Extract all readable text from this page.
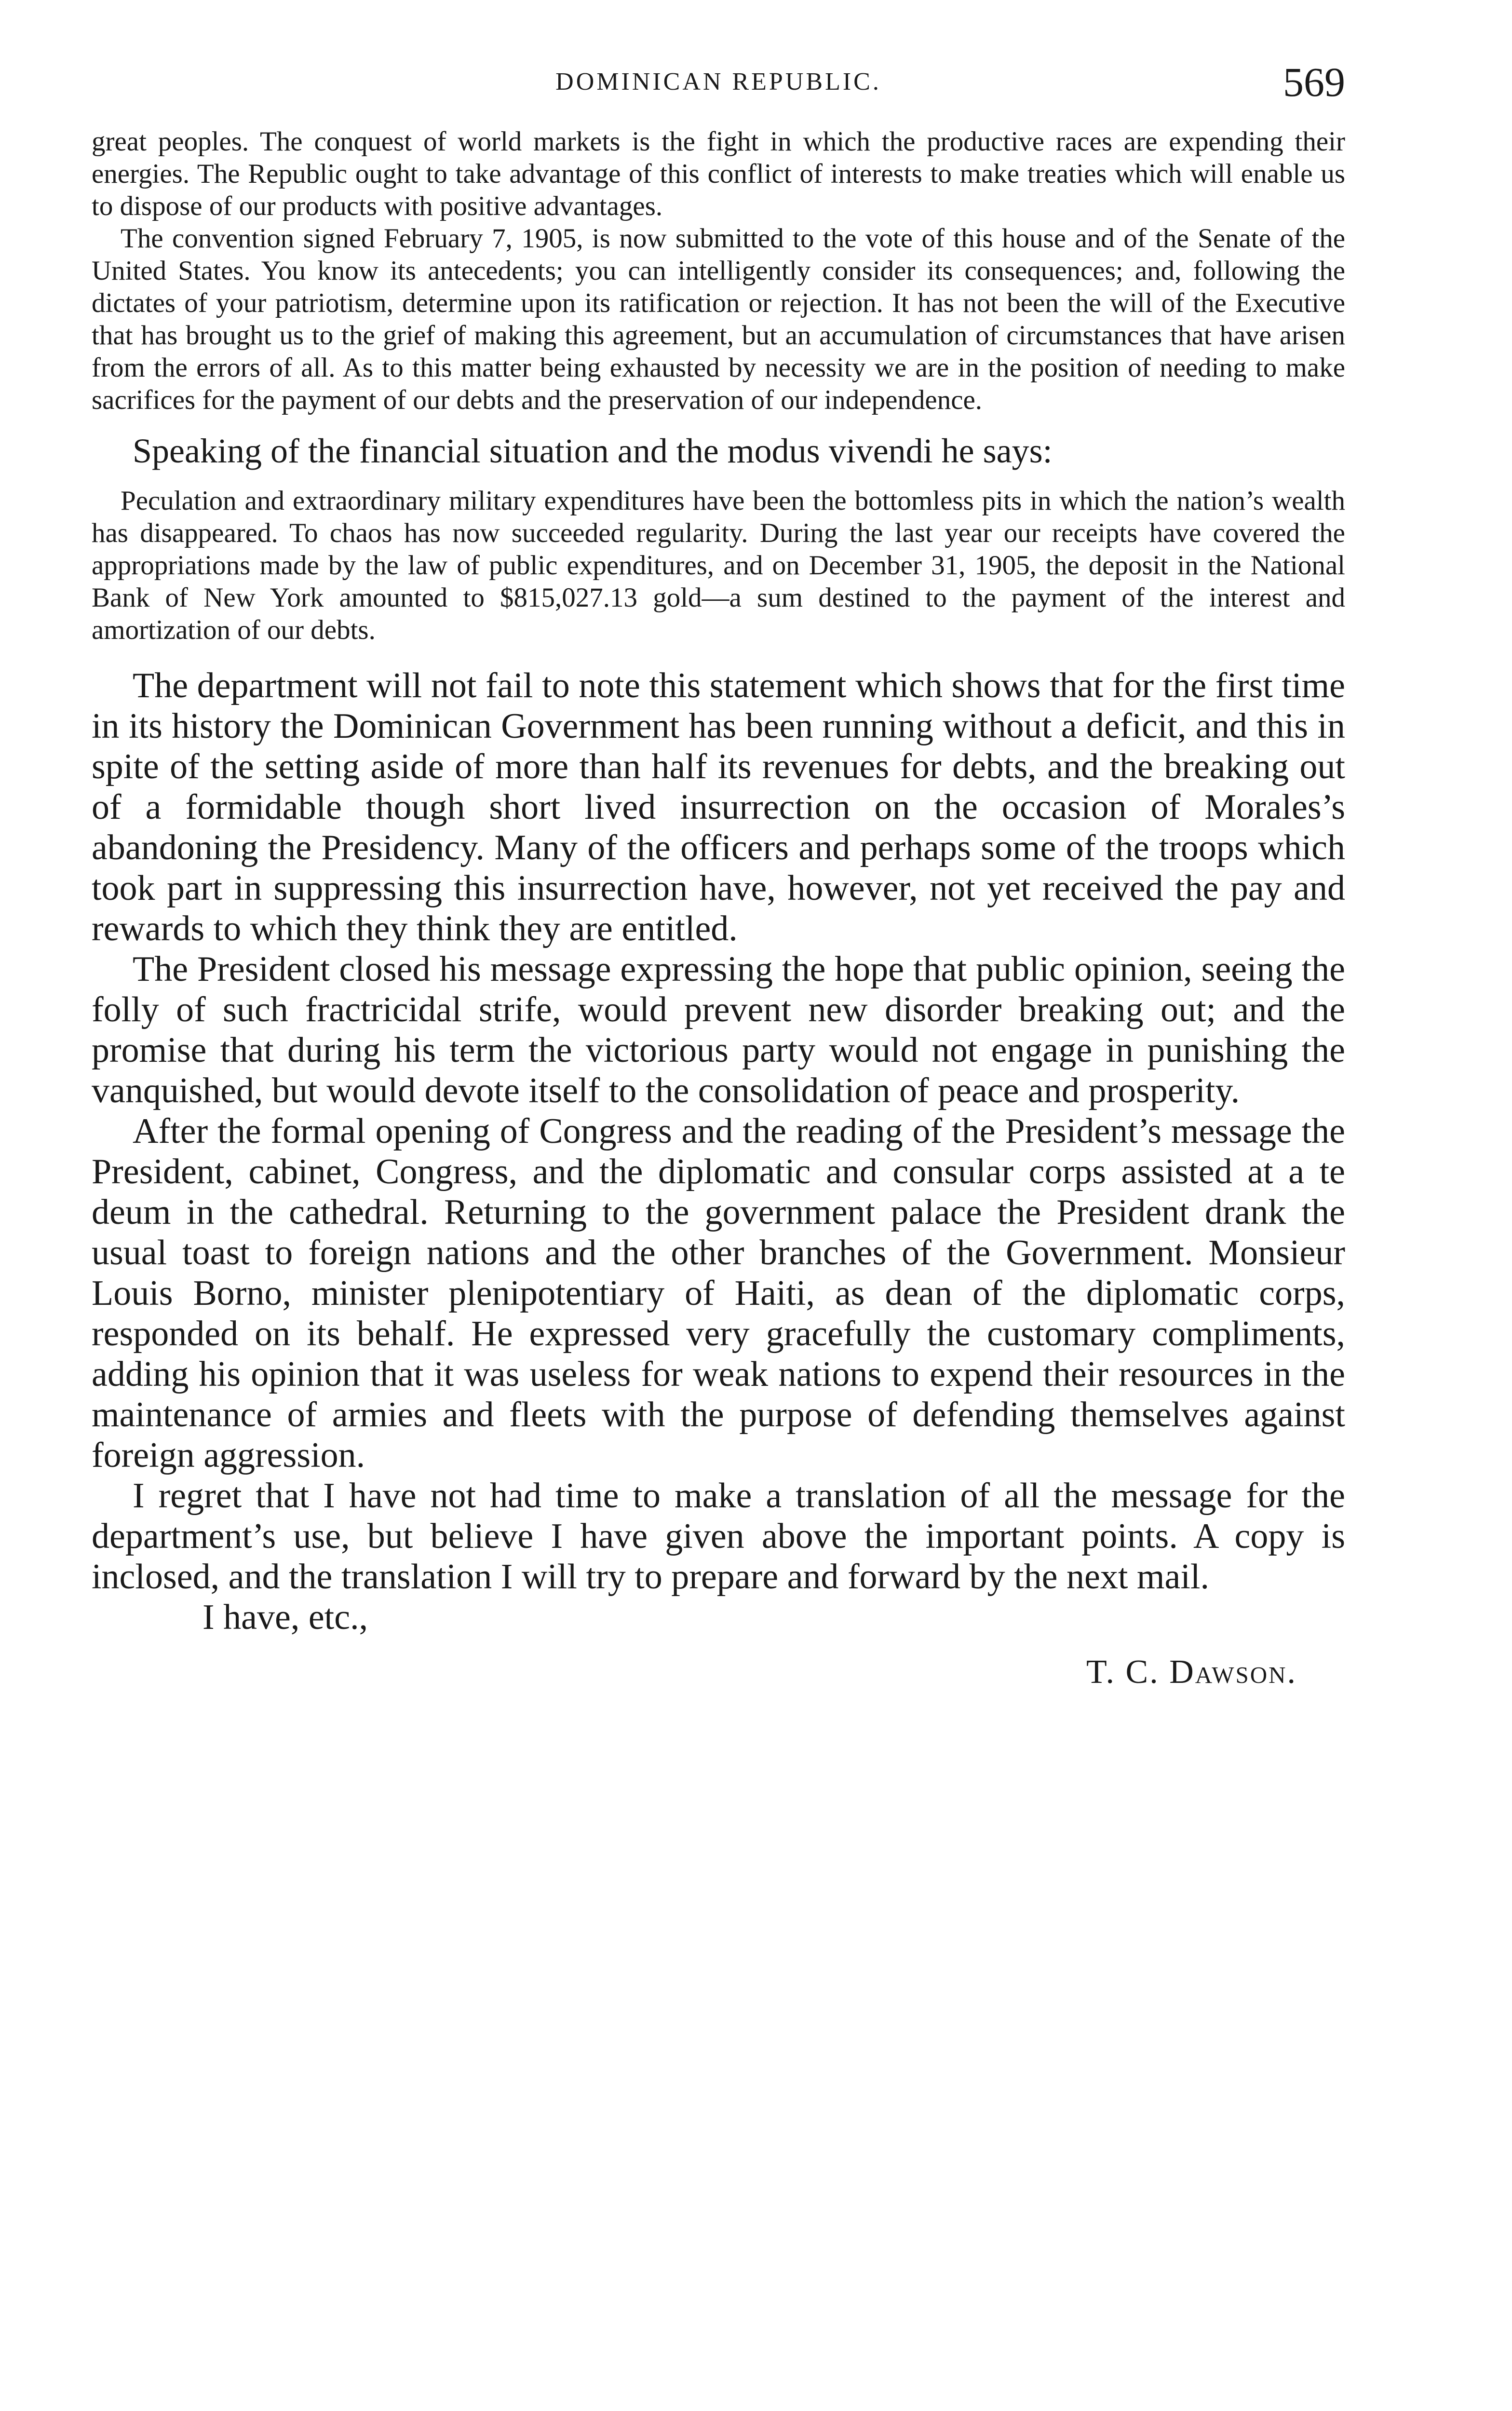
DOMINICAN REPUBLIC.	569

great peoples. The conquest of world markets is the fight in which the productive races are expending their energies. The Republic ought to take advantage of this conflict of interests to make treaties which will enable us to dispose of our products with positive advantages.

The convention signed February 7, 1905, is now submitted to the vote of this house and of the Senate of the United States. You know its antecedents; you can intelligently consider its consequences; and, following the dictates of your patriotism, determine upon its ratification or rejection. It has not been the will of the Executive that has brought us to the grief of making this agreement, but an accumulation of circumstances that have arisen from the errors of all. As to this matter being exhausted by necessity we are in the position of needing to make sacrifices for the payment of our debts and the preservation of our independence.

Speaking of the financial situation and the modus vivendi he says:

Peculation and extraordinary military expenditures have been the bottomless pits in which the nation’s wealth has disappeared. To chaos has now succeeded regularity. During the last year our receipts have covered the appropriations made by the law of public expenditures, and on December 31, 1905, the deposit in the National Bank of New York amounted to $815,027.13 gold—a sum destined to the payment of the interest and amortization of our debts.

The department will not fail to note this statement which shows that for the first time in its history the Dominican Government has been running without a deficit, and this in spite of the setting aside of more than half its revenues for debts, and the breaking out of a formidable though short lived insurrection on the occasion of Morales’s abandoning the Presidency. Many of the officers and perhaps some of the troops which took part in suppressing this insurrection have, however, not yet received the pay and rewards to which they think they are entitled.

The President closed his message expressing the hope that public opinion, seeing the folly of such fractricidal strife, would prevent new disorder breaking out; and the promise that during his term the victorious party would not engage in punishing the vanquished, but would devote itself to the consolidation of peace and prosperity.

After the formal opening of Congress and the reading of the President’s message the President, cabinet, Congress, and the diplomatic and consular corps assisted at a te deum in the cathedral. Returning to the government palace the President drank the usual toast to foreign nations and the other branches of the Government. Monsieur Louis Borno, minister plenipotentiary of Haiti, as dean of the diplomatic corps, responded on its behalf. He expressed very gracefully the customary compliments, adding his opinion that it was useless for weak nations to expend their resources in the maintenance of armies and fleets with the purpose of defending themselves against foreign aggression.

I regret that I have not had time to make a translation of all the message for the department’s use, but believe I have given above the important points. A copy is inclosed, and the translation I will try to prepare and forward by the next mail.

I have, etc.,

T. C. Dawson.
